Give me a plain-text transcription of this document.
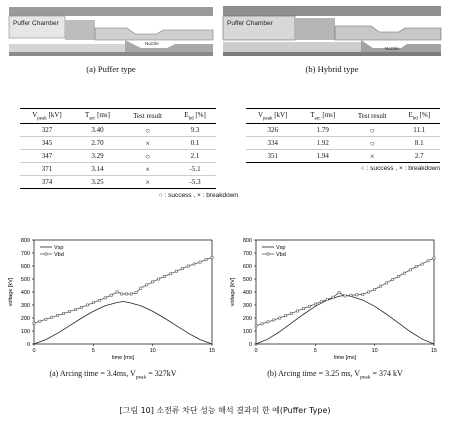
Puffer Chamber
Nozzle
(a) Puffer type
Puffer Chamber
Nozzle
(b) Hybrid type
$V_{peak}$ [kV]	$T_{arc}$ [ms]	Test result	$E_{bd}$ [%]
327	3.40	○	9.3
345	2.70	×	0.1
347	3.29	○	2.1
371	3.14	×	-5.1
374	3.25	×	-5.3
○ : success , × : breakdown
$V_{peak}$ [kV]	$T_{arc}$ [ms]	Test result	$E_{bd}$ [%]
326	1.79	○	11.1
334	1.92	○	8.1
351	1.94	×	2.7
○ : success , × : breakdown
0
100
200
300
400
500
600
700
800
0	5	10	15
time [ms]
voltage [kV]
Vsp
Vbd
0
100
200
300
400
500
600
700
800
0	5	10	15
time [ms]
voltage [kV]
Vsp
Vbd
(a) Arcing time = 3.4ms, $V_{peak} = 327kV$	(b) Arcing time = 3.25 ms, $V_{peak} = 374$ kV
[그림 10] 소전류 차단 성능 해석 결과의 한 예(Puffer Type)
